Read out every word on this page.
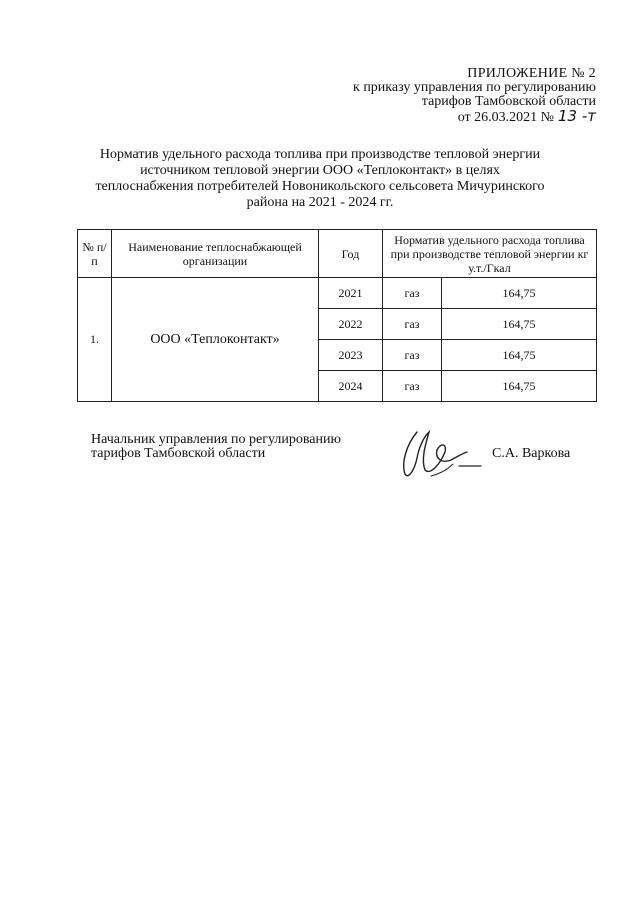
ПРИЛОЖЕНИЕ № 2
к приказу управления по регулированию
тарифов Тамбовской области
от 26.03.2021 № 13 -т
Норматив удельного расхода топлива при производстве тепловой энергии источником тепловой энергии ООО «Теплоконтакт» в целях теплоснабжения потребителей Новоникольского сельсовета Мичуринского района на 2021 - 2024 гг.
№ п/п	Наименование теплоснабжающей организации	Год	Норматив удельного расхода топлива при производстве тепловой энергии кг у.т./Гкал	
1.	ООО «Теплоконтакт»	2021	газ	164,75
		2022	газ	164,75
		2023	газ	164,75
		2024	газ	164,75
Начальник управления по регулированию
тарифов Тамбовской области	С.А. Варкова
